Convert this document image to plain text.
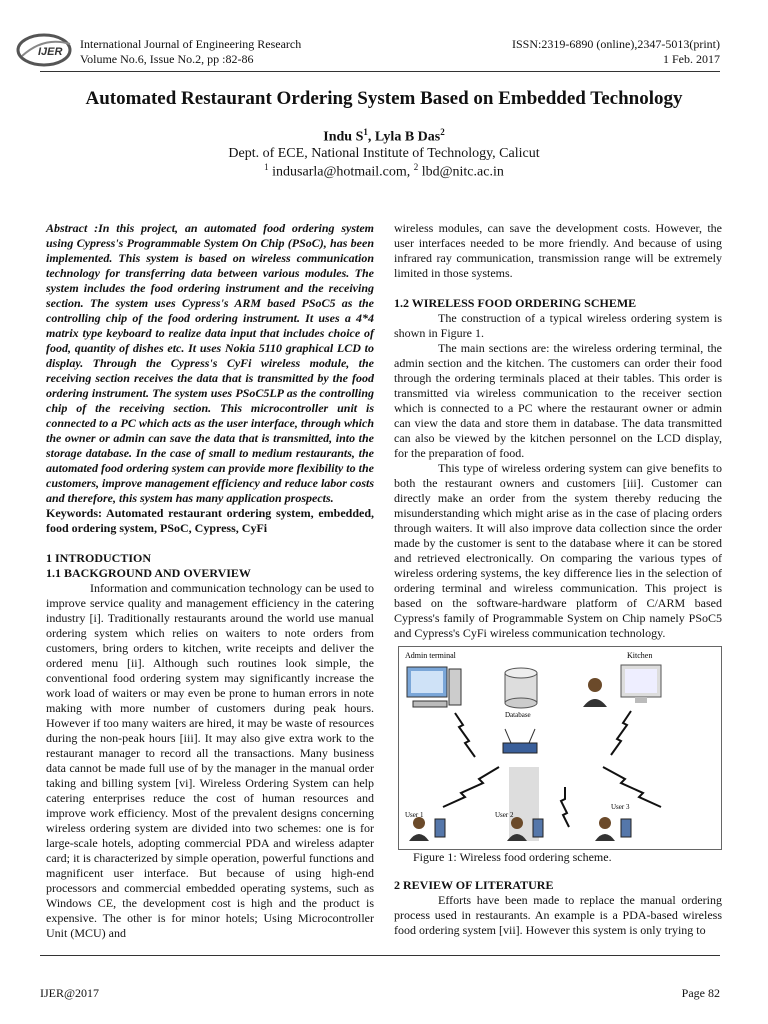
IJER
International Journal of Engineering Research
Volume No.6, Issue No.2, pp :82-86
ISSN:2319-6890 (online),2347-5013(print)
1 Feb. 2017
Automated Restaurant Ordering System Based on Embedded Technology
Indu $S^1$, Lyla B Das$^2$
Dept. of ECE, National Institute of Technology, Calicut
$^1$ indusarla@hotmail.com, $^2$ lbd@nitc.ac.in

Abstract :In this project, an automated food ordering system using Cypress's Programmable System On Chip (PSoC), has been implemented. This system is based on wireless communication technology for transferring data between various modules. The system includes the food ordering instrument and the receiving section. The system uses Cypress's ARM based PSoC5 as the controlling chip of the food ordering instrument. It uses a 4*4 matrix type keyboard to realize data input that includes choice of food, quantity of dishes etc. It uses Nokia 5110 graphical LCD to display. Through the Cypress's CyFi wireless module, the receiving section receives the data that is transmitted by the food ordering instrument. The system uses PSoC5LP as the controlling chip of the receiving section. This microcontroller unit is connected to a PC which acts as the user interface, through which the owner or admin can save the data that is transmitted, into the storage database. In the case of small to medium restaurants, the automated food ordering system can provide more flexibility to the customers, improve management efficiency and reduce labor costs and therefore, this system has many application prospects.

Keywords: Automated restaurant ordering system, embedded, food ordering system, PSoC, Cypress, CyFi

1 INTRODUCTION

1.1 BACKGROUND AND OVERVIEW

Information and communication technology can be used to improve service quality and management efficiency in the catering industry [i]. Traditionally restaurants around the world use manual ordering system which relies on waiters to note orders from customers, bring orders to kitchen, write receipts and deliver the ordered menu [ii]. Although such routines look simple, the conventional food ordering system may significantly increase the work load of waiters or may even be prone to human errors in note making with more number of customers during peak hours. However if too many waiters are hired, it may be waste of resources during the non-peak hours [iii]. It may also give extra work to the restaurant manager to record all the transactions. Many business data cannot be made full use of by the manager in the manual order taking and billing system [vi]. Wireless Ordering System can help catering enterprises reduce the cost of human resources and improve work efficiency. Most of the prevalent designs concerning wireless ordering system are divided into two schemes: one is for large-scale hotels, adopting commercial PDA and wireless adapter card; it is characterized by simple operation, powerful functions and magnificent user interface. But because of using high-end processors and commercial embedded operating systems, such as Windows CE, the development cost is high and the product is expensive. The other is for minor hotels; Using Microcontroller Unit (MCU) and

wireless modules, can save the development costs. However, the user interfaces needed to be more friendly. And because of using infrared ray communication, transmission range will be extremely limited in those systems.

1.2 WIRELESS FOOD ORDERING SCHEME

The construction of a typical wireless ordering system is shown in Figure 1.

The main sections are: the wireless ordering terminal, the admin section and the kitchen. The customers can order their food through the ordering terminals placed at their tables. This order is transmitted via wireless communication to the receiver section which is connected to a PC where the restaurant owner or admin can view the data and store them in database. The data transmitted can also be viewed by the kitchen personnel on the LCD display, for the preparation of food.

This type of wireless ordering system can give benefits to both the restaurant owners and customers [iii]. Customer can directly make an order from the system thereby reducing the misunderstanding which might arise as in the case of placing orders through waiters. It will also improve data collection since the order made by the customer is sent to the database where it can be stored and retrieved electronically. On comparing the various types of wireless ordering systems, the key difference lies in the selection of ordering terminal and wireless communication. This project is based on the software-hardware platform of C/ARM based Cypress's family of Programmable System on Chip namely PSoC5 and Cypress's CyFi wireless communication technology.

Admin terminal	Kitchen
Database
User 1	User 2
User 3
Figure 1: Wireless food ordering scheme.

2 REVIEW OF LITERATURE

Efforts have been made to replace the manual ordering process used in restaurants. An example is a PDA-based wireless food ordering system [vii]. However this system is only trying to

IJER@2017	Page 82
